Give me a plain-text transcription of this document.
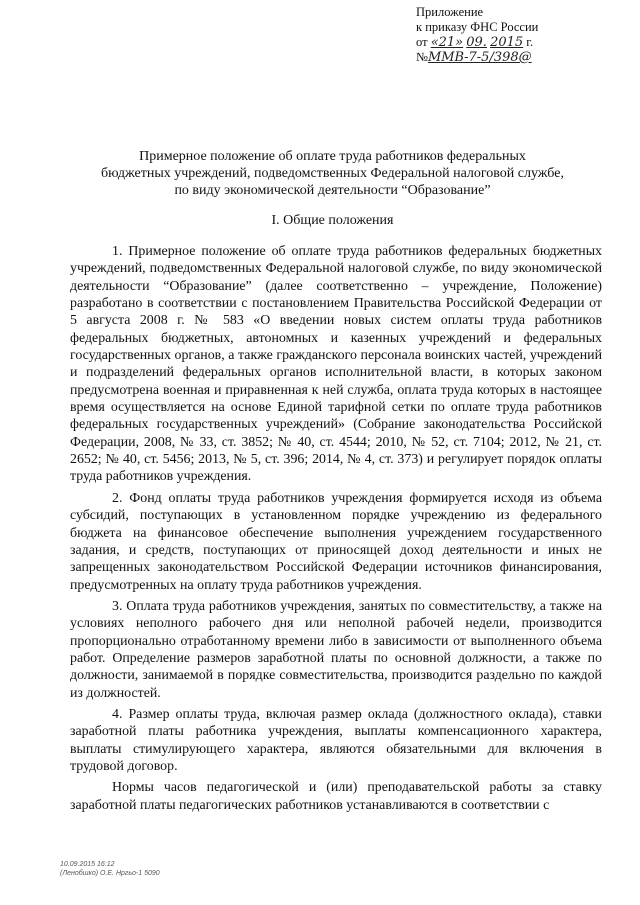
Приложение
к приказу ФНС России
от «21» 09. 2015 г.
№ММВ-7-5/398@
Примерное положение об оплате труда работников федеральных
бюджетных учреждений, подведомственных Федеральной налоговой службе,
по виду экономической деятельности “Образование”
I. Общие положения

1. Примерное положение об оплате труда работников федеральных бюджетных учреждений, подведомственных Федеральной налоговой службе, по виду экономической деятельности “Образование” (далее соответственно – учреждение, Положение) разработано в соответствии с постановлением Правительства Российской Федерации от 5 августа 2008 г. № 583 «О введении новых систем оплаты труда работников федеральных бюджетных, автономных и казенных учреждений и федеральных государственных органов, а также гражданского персонала воинских частей, учреждений и подразделений федеральных органов исполнительной власти, в которых законом предусмотрена военная и приравненная к ней служба, оплата труда которых в настоящее время осуществляется на основе Единой тарифной сетки по оплате труда работников федеральных государственных учреждений» (Собрание законодательства Российской Федерации, 2008, № 33, ст. 3852; № 40, ст. 4544; 2010, № 52, ст. 7104; 2012, № 21, ст. 2652; № 40, ст. 5456; 2013, № 5, ст. 396; 2014, № 4, ст. 373) и регулирует порядок оплаты труда работников учреждения.

2. Фонд оплаты труда работников учреждения формируется исходя из объема субсидий, поступающих в установленном порядке учреждению из федерального бюджета на финансовое обеспечение выполнения учреждением государственного задания, и средств, поступающих от приносящей доход деятельности и иных не запрещенных законодательством Российской Федерации источников финансирования, предусмотренных на оплату труда работников учреждения.

3. Оплата труда работников учреждения, занятых по совместительству, а также на условиях неполного рабочего дня или неполной рабочей недели, производится пропорционально отработанному времени либо в зависимости от выполненного объема работ. Определение размеров заработной платы по основной должности, а также по должности, занимаемой в порядке совместительства, производится раздельно по каждой из должностей.

4. Размер оплаты труда, включая размер оклада (должностного оклада), ставки заработной платы работника учреждения, выплаты компенсационного характера, выплаты стимулирующего характера, являются обязательными для включения в трудовой договор.

Нормы часов педагогической и (или) преподавательской работы за ставку заработной платы педагогических работников устанавливаются в соответствии с

10.09.2015 16:12
(Ленобшко) О.Е. Нргьо-1 5090
